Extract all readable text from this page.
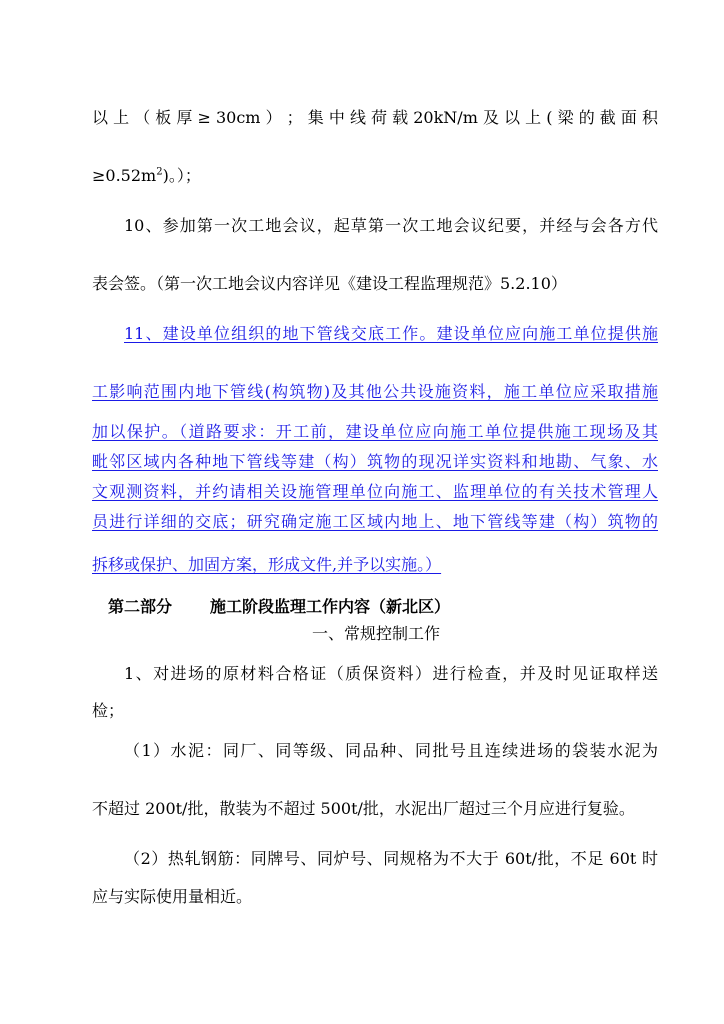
以 上 （ 板 厚 ≥ 30cm ） ； 集 中 线 荷 载 20kN/m 及 以 上 ( 梁 的 截 面 积
$\ge 0.52m^2$)。）；
10、参加第一次工地会议，起草第一次工地会议纪要，并经与会各方代
表会签。（第一次工地会议内容详见《建设工程监理规范》5.2.10）
11、建设单位组织的地下管线交底工作。建设单位应向施工单位提供施
工影响范围内地下管线(构筑物)及其他公共设施资料，施工单位应采取措施
加以保护。（道路要求：开工前，建设单位应向施工单位提供施工现场及其
毗邻区域内各种地下管线等建（构）筑物的现况详实资料和地勘、气象、水
文观测资料，并约请相关设施管理单位向施工、监理单位的有关技术管理人
员进行详细的交底；研究确定施工区域内地上、地下管线等建（构）筑物的
拆移或保护、加固方案，形成文件,并予以实施。）
第二部分 施工阶段监理工作内容（新北区）
一、常规控制工作
1、对进场的原材料合格证（质保资料）进行检查，并及时见证取样送
检；
（1）水泥：同厂、同等级、同品种、同批号且连续进场的袋装水泥为
不超过 200t/批，散装为不超过 500t/批，水泥出厂超过三个月应进行复验。
（2）热轧钢筋：同牌号、同炉号、同规格为不大于 60t/批，不足 60t 时
应与实际使用量相近。
